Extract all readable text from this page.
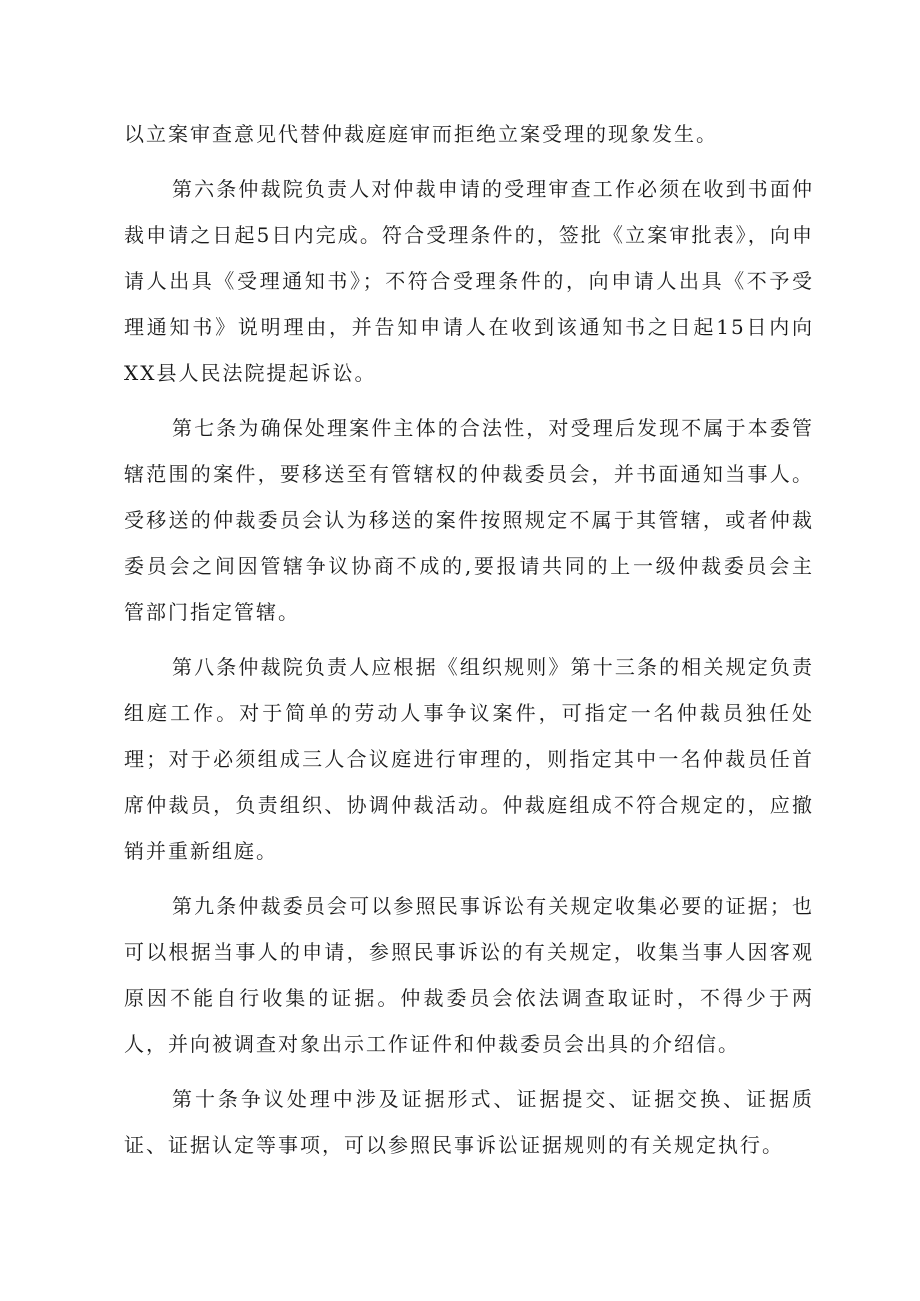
以立案审查意见代替仲裁庭庭审而拒绝立案受理的现象发生。

第六条仲裁院负责人对仲裁申请的受理审查工作必须在收到书面仲裁申请之日起5日内完成。符合受理条件的，签批《立案审批表》，向申请人出具《受理通知书》；不符合受理条件的，向申请人出具《不予受理通知书》说明理由，并告知申请人在收到该通知书之日起15日内向XX县人民法院提起诉讼。

第七条为确保处理案件主体的合法性，对受理后发现不属于本委管辖范围的案件，要移送至有管辖权的仲裁委员会，并书面通知当事人。受移送的仲裁委员会认为移送的案件按照规定不属于其管辖，或者仲裁委员会之间因管辖争议协商不成的,要报请共同的上一级仲裁委员会主管部门指定管辖。

第八条仲裁院负责人应根据《组织规则》第十三条的相关规定负责组庭工作。对于简单的劳动人事争议案件，可指定一名仲裁员独任处理；对于必须组成三人合议庭进行审理的，则指定其中一名仲裁员任首席仲裁员，负责组织、协调仲裁活动。仲裁庭组成不符合规定的，应撤销并重新组庭。

第九条仲裁委员会可以参照民事诉讼有关规定收集必要的证据；也可以根据当事人的申请，参照民事诉讼的有关规定，收集当事人因客观原因不能自行收集的证据。仲裁委员会依法调查取证时，不得少于两人，并向被调查对象出示工作证件和仲裁委员会出具的介绍信。

第十条争议处理中涉及证据形式、证据提交、证据交换、证据质证、证据认定等事项，可以参照民事诉讼证据规则的有关规定执行。
